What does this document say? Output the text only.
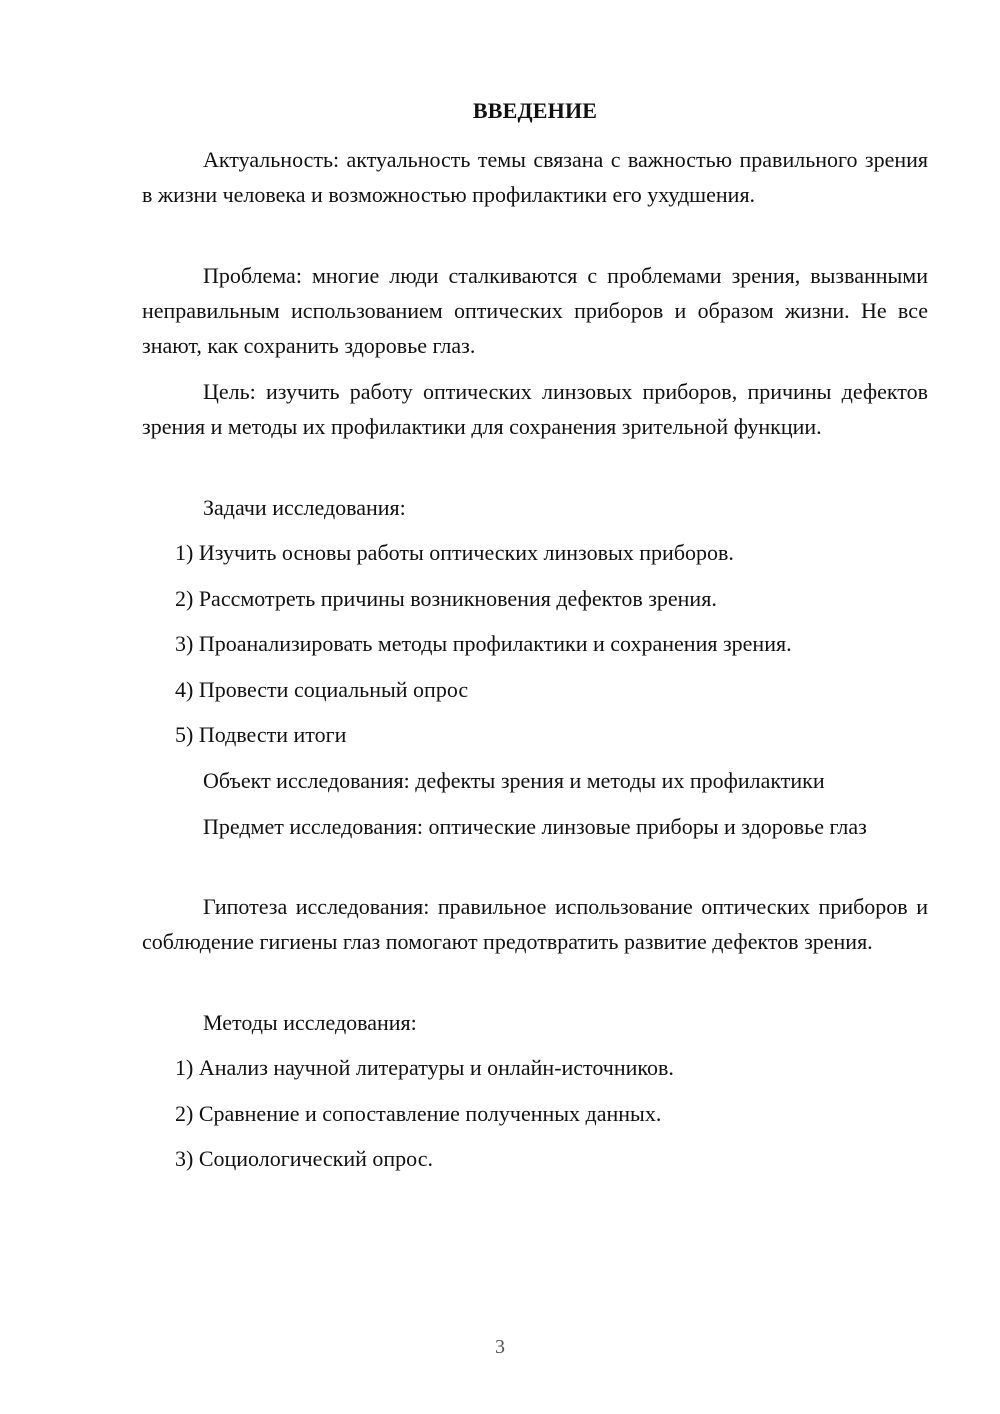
ВВЕДЕНИЕ

Актуальность: актуальность темы связана с важностью правильного зрения в жизни человека и возможностью профилактики его ухудшения.

Проблема: многие люди сталкиваются с проблемами зрения, вызванными неправильным использованием оптических приборов и образом жизни. Не все знают, как сохранить здоровье глаз.

Цель: изучить работу оптических линзовых приборов, причины дефектов зрения и методы их профилактики для сохранения зрительной функции.

Задачи исследования:

1) Изучить основы работы оптических линзовых приборов.

2) Рассмотреть причины возникновения дефектов зрения.

3) Проанализировать методы профилактики и сохранения зрения.

4) Провести социальный опрос

5) Подвести итоги

Объект исследования: дефекты зрения и методы их профилактики

Предмет исследования: оптические линзовые приборы и здоровье глаз

Гипотеза исследования: правильное использование оптических приборов и соблюдение гигиены глаз помогают предотвратить развитие дефектов зрения.

Методы исследования:

1) Анализ научной литературы и онлайн-источников.

2) Сравнение и сопоставление полученных данных.

3) Социологический опрос.

3
